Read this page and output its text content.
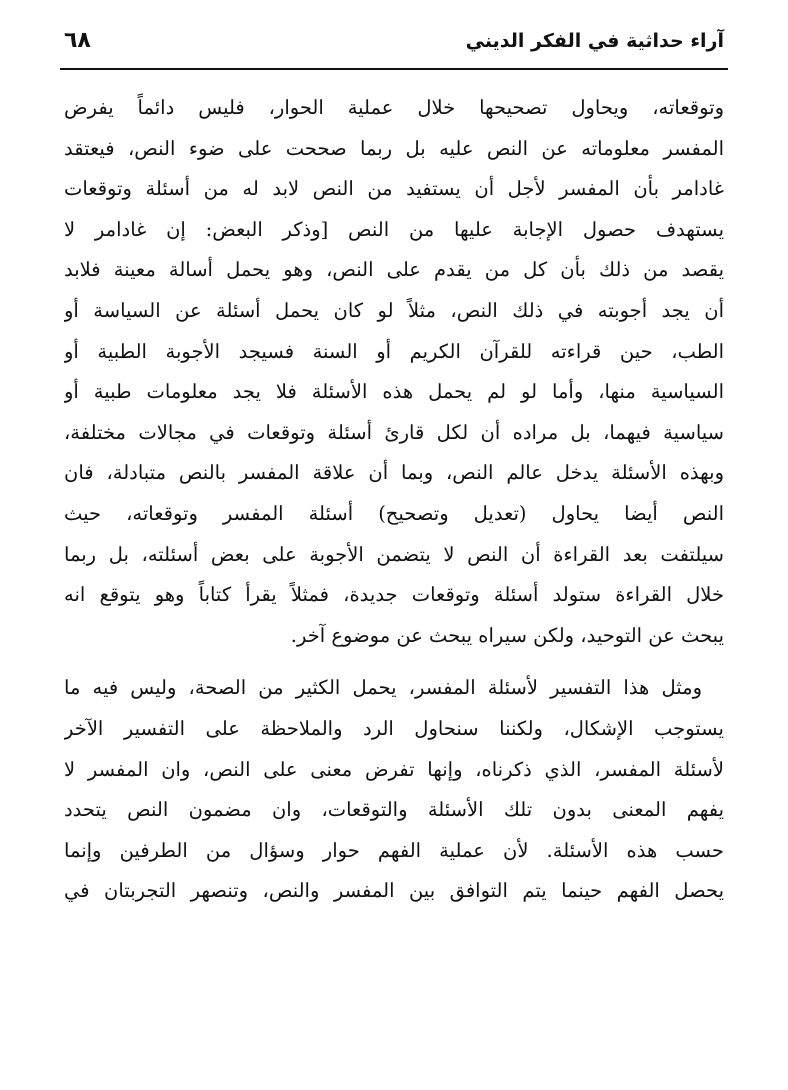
آراء حداثية في الفكر الديني
٦٨
وتوقعاته، ويحاول تصحيحها خلال عملية الحوار، فليس دائماً يفرض
المفسر معلوماته عن النص عليه بل ربما صححت على ضوء النص، فيعتقد
غادامر بأن المفسر لأجل أن يستفيد من النص لابد له من أسئلة وتوقعات
يستهدف حصول الإجابة عليها من النص [وذكر البعض: إن غادامر لا
يقصد من ذلك بأن كل من يقدم على النص، وهو يحمل أسالة معينة فلابد
أن يجد أجوبته في ذلك النص، مثلاً لو كان يحمل أسئلة عن السياسة أو
الطب، حين قراءته للقرآن الكريم أو السنة فسيجد الأجوبة الطبية أو
السياسية منها، وأما لو لم يحمل هذه الأسئلة فلا يجد معلومات طبية أو
سياسية فيهما، بل مراده أن لكل قارئ أسئلة وتوقعات في مجالات مختلفة،
وبهذه الأسئلة يدخل عالم النص، وبما أن علاقة المفسر بالنص متبادلة، فان
النص أيضا يحاول (تعديل وتصحيح) أسئلة المفسر وتوقعاته، حيث
سيلتفت بعد القراءة أن النص لا يتضمن الأجوبة على بعض أسئلته، بل ربما
خلال القراءة ستولد أسئلة وتوقعات جديدة، فمثلاً يقرأ كتاباً وهو يتوقع انه
يبحث عن التوحيد، ولكن سيراه يبحث عن موضوع آخر.
ومثل هذا التفسير لأسئلة المفسر، يحمل الكثير من الصحة، وليس فيه ما
يستوجب الإشكال، ولكننا سنحاول الرد والملاحظة على التفسير الآخر
لأسئلة المفسر، الذي ذكرناه، وإنها تفرض معنى على النص، وان المفسر لا
يفهم المعنى بدون تلك الأسئلة والتوقعات، وان مضمون النص يتحدد
حسب هذه الأسئلة. لأن عملية الفهم حوار وسؤال من الطرفين وإنما
يحصل الفهم حينما يتم التوافق بين المفسر والنص، وتنصهر التجربتان في
